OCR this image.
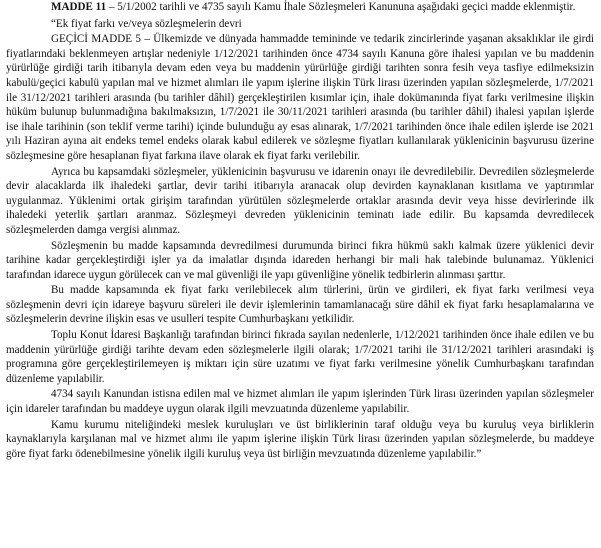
MADDE 11 – 5/1/2002 tarihli ve 4735 sayılı Kamu İhale Sözleşmeleri Kanununa aşağıdaki geçici madde eklenmiştir.

“Ek fiyat farkı ve/veya sözleşmelerin devri

GEÇİCİ MADDE 5 – Ülkemizde ve dünyada hammadde temininde ve tedarik zincirlerinde yaşanan aksaklıklar ile girdi fiyatlarındaki beklenmeyen artışlar nedeniyle 1/12/2021 tarihinden önce 4734 sayılı Kanuna göre ihalesi yapılan ve bu maddenin yürürlüğe girdiği tarih itibarıyla devam eden veya bu maddenin yürürlüğe girdiği tarihten sonra fesih veya tasfiye edilmeksizin kabulü/geçici kabulü yapılan mal ve hizmet alımları ile yapım işlerine ilişkin Türk lirası üzerinden yapılan sözleşmelerde, 1/7/2021 ile 31/12/2021 tarihleri arasında (bu tarihler dâhil) gerçekleştirilen kısımlar için, ihale dokümanında fiyat farkı verilmesine ilişkin hüküm bulunup bulunmadığına bakılmaksızın, 1/7/2021 ile 30/11/2021 tarihleri arasında (bu tarihler dâhil) ihalesi yapılan işlerde ise ihale tarihinin (son teklif verme tarihi) içinde bulunduğu ay esas alınarak, 1/7/2021 tarihinden önce ihale edilen işlerde ise 2021 yılı Haziran ayına ait endeks temel endeks olarak kabul edilerek ve sözleşme fiyatları kullanılarak yüklenicinin başvurusu üzerine sözleşmesine göre hesaplanan fiyat farkına ilave olarak ek fiyat farkı verilebilir.

Ayrıca bu kapsamdaki sözleşmeler, yüklenicinin başvurusu ve idarenin onayı ile devredilebilir. Devredilen sözleşmelerde devir alacaklarda ilk ihaledeki şartlar, devir tarihi itibarıyla aranacak olup devirden kaynaklanan kısıtlama ve yaptırımlar uygulanmaz. Yüklenimi ortak girişim tarafından yürütülen sözleşmelerde ortaklar arasında devir veya hisse devirlerinde ilk ihaledeki yeterlik şartları aranmaz. Sözleşmeyi devreden yüklenicinin teminatı iade edilir. Bu kapsamda devredilecek sözleşmelerden damga vergisi alınmaz.

Sözleşmenin bu madde kapsamında devredilmesi durumunda birinci fıkra hükmü saklı kalmak üzere yüklenici devir tarihine kadar gerçekleştirdiği işler ya da imalatlar dışında idareden herhangi bir mali hak talebinde bulunamaz. Yüklenici tarafından idarece uygun görülecek can ve mal güvenliği ile yapı güvenliğine yönelik tedbirlerin alınması şarttır.

Bu madde kapsamında ek fiyat farkı verilebilecek alım türlerini, ürün ve girdileri, ek fiyat farkı verilmesi veya sözleşmenin devri için idareye başvuru süreleri ile devir işlemlerinin tamamlanacağı süre dâhil ek fiyat farkı hesaplamalarına ve sözleşmelerin devrine ilişkin esas ve usulleri tespite Cumhurbaşkanı yetkilidir.

Toplu Konut İdaresi Başkanlığı tarafından birinci fıkrada sayılan nedenlerle, 1/12/2021 tarihinden önce ihale edilen ve bu maddenin yürürlüğe girdiği tarihte devam eden sözleşmelerle ilgili olarak; 1/7/2021 tarihi ile 31/12/2021 tarihleri arasındaki iş programına göre gerçekleştirilemeyen iş miktarı için süre uzatımı ve fiyat farkı verilmesine yönelik Cumhurbaşkanı tarafından düzenleme yapılabilir.

4734 sayılı Kanundan istisna edilen mal ve hizmet alımları ile yapım işlerinden Türk lirası üzerinden yapılan sözleşmeler için idareler tarafından bu maddeye uygun olarak ilgili mevzuatında düzenleme yapılabilir.

Kamu kurumu niteliğindeki meslek kuruluşları ve üst birliklerinin taraf olduğu veya bu kuruluş veya birliklerin kaynaklarıyla karşılanan mal ve hizmet alımı ile yapım işlerine ilişkin Türk lirası üzerinden yapılan sözleşmelerde, bu maddeye göre fiyat farkı ödenebilmesine yönelik ilgili kuruluş veya üst birliğin mevzuatında düzenleme yapılabilir.”
